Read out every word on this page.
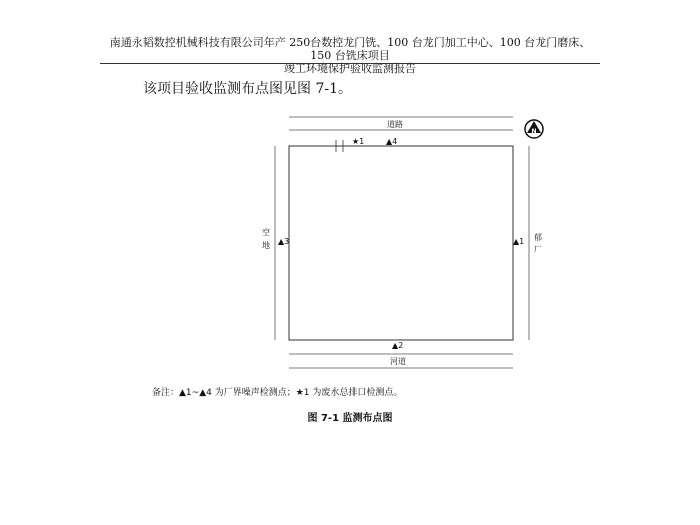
南通永韬数控机械科技有限公司年产 250台数控龙门铣、100 台龙门加工中心、100 台龙门磨床、150 台铣床项目
竣工环境保护验收监测报告
该项目验收监测布点图见图 7-1。
道路
河道
空
地
郁
厂
★1	▲4
▲3	▲1
▲2
N
备注：▲1~▲4 为厂界噪声检测点；★1 为废水总排口检测点。
图 7-1 监测布点图
